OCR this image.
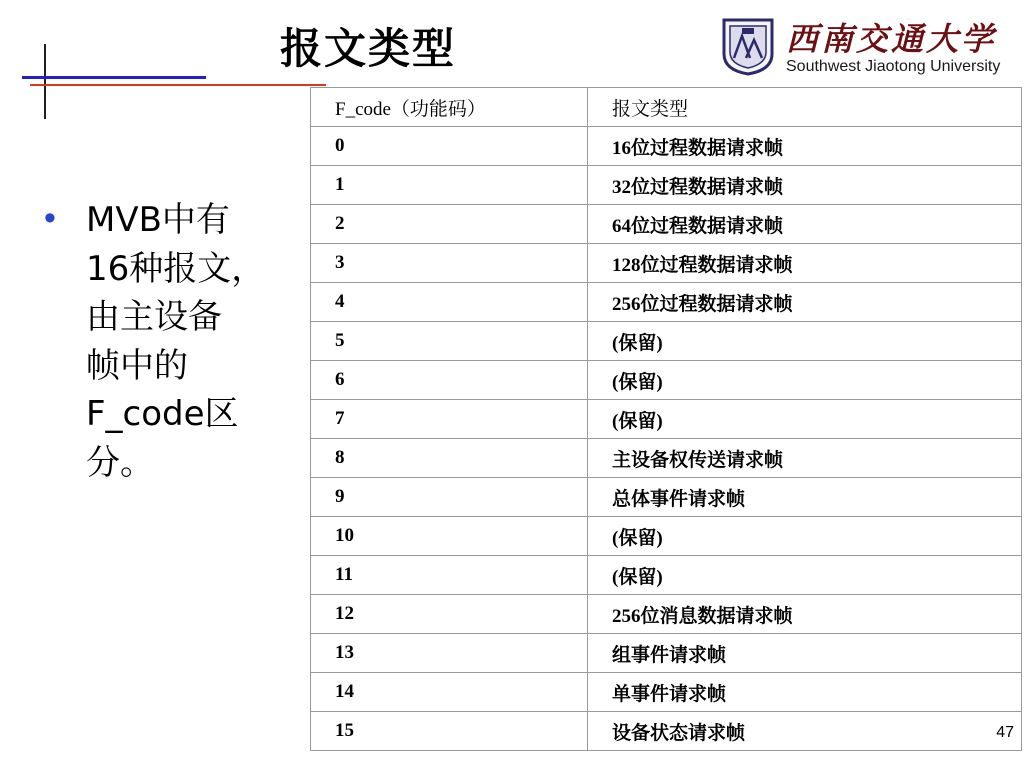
报文类型	西南交通大学
Southwest Jiaotong University
• MVB中有
16种报文，
由主设备
帧中的
F_code区
分。
F_code（功能码）	报文类型
0	16位过程数据请求帧
1	32位过程数据请求帧
2	64位过程数据请求帧
3	128位过程数据请求帧
4	256位过程数据请求帧
5	(保留)
6	(保留)
7	(保留)
8	主设备权传送请求帧
9	总体事件请求帧
10	(保留)
11	(保留)
12	256位消息数据请求帧
13	组事件请求帧
14	单事件请求帧
15	设备状态请求帧	47
